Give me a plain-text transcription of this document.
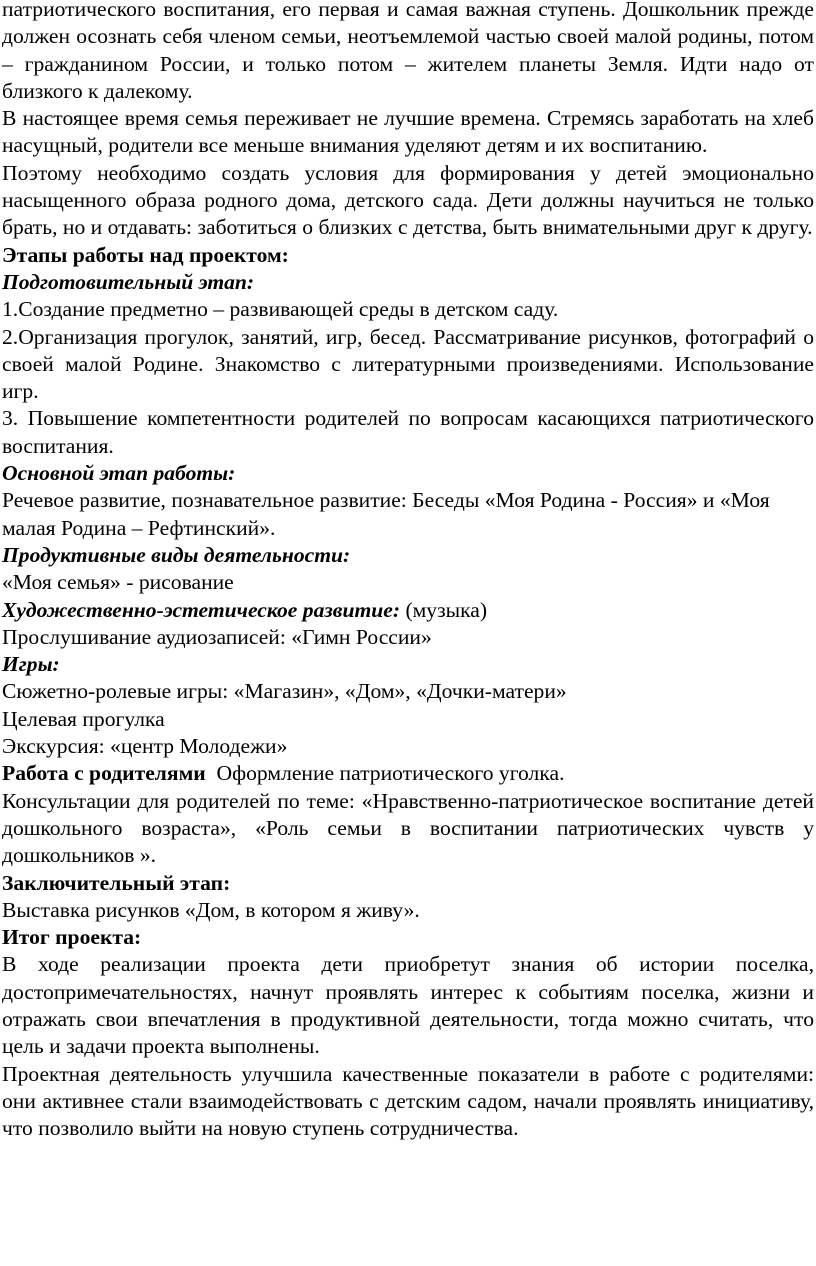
патриотического воспитания, его первая и самая важная ступень. Дошкольник прежде должен осознать себя членом семьи, неотъемлемой частью своей малой родины, потом – гражданином России, и только потом – жителем планеты Земля. Идти надо от близкого к далекому.

В настоящее время семья переживает не лучшие времена. Стремясь заработать на хлеб насущный, родители все меньше внимания уделяют детям и их воспитанию.

Поэтому необходимо создать условия для формирования у детей эмоционально насыщенного образа родного дома, детского сада. Дети должны научиться не только брать, но и отдавать: заботиться о близких с детства, быть внимательными друг к другу.

Этапы работы над проектом:

Подготовительный этап:

1.Создание предметно – развивающей среды в детском саду.

2.Организация прогулок, занятий, игр, бесед. Рассматривание рисунков, фотографий о своей малой Родине. Знакомство с литературными произведениями. Использование игр.

3. Повышение компетентности родителей по вопросам касающихся патриотического воспитания.

Основной этап работы:

Речевое развитие, познавательное развитие: Беседы «Моя Родина - Россия» и «Моя малая Родина – Рефтинский».

Продуктивные виды деятельности:

«Моя семья» - рисование

Художественно-эстетическое развитие: (музыка)

Прослушивание аудиозаписей: «Гимн России»

Игры:

Сюжетно-ролевые игры: «Магазин», «Дом», «Дочки-матери»

Целевая прогулка

Экскурсия: «центр Молодежи»

Работа с родителями  Оформление патриотического уголка.

Консультации для родителей по теме: «Нравственно-патриотическое воспитание детей дошкольного возраста», «Роль семьи в воспитании патриотических чувств у дошкольников ».

Заключительный этап:

Выставка рисунков «Дом, в котором я живу».

Итог проекта:

В ходе реализации проекта дети приобретут знания об истории поселка, достопримечательностях, начнут проявлять интерес к событиям поселка, жизни и отражать свои впечатления в продуктивной деятельности, тогда можно считать, что цель и задачи проекта выполнены.

Проектная деятельность улучшила качественные показатели в работе с родителями: они активнее стали взаимодействовать с детским садом, начали проявлять инициативу, что позволило выйти на новую ступень сотрудничества.
